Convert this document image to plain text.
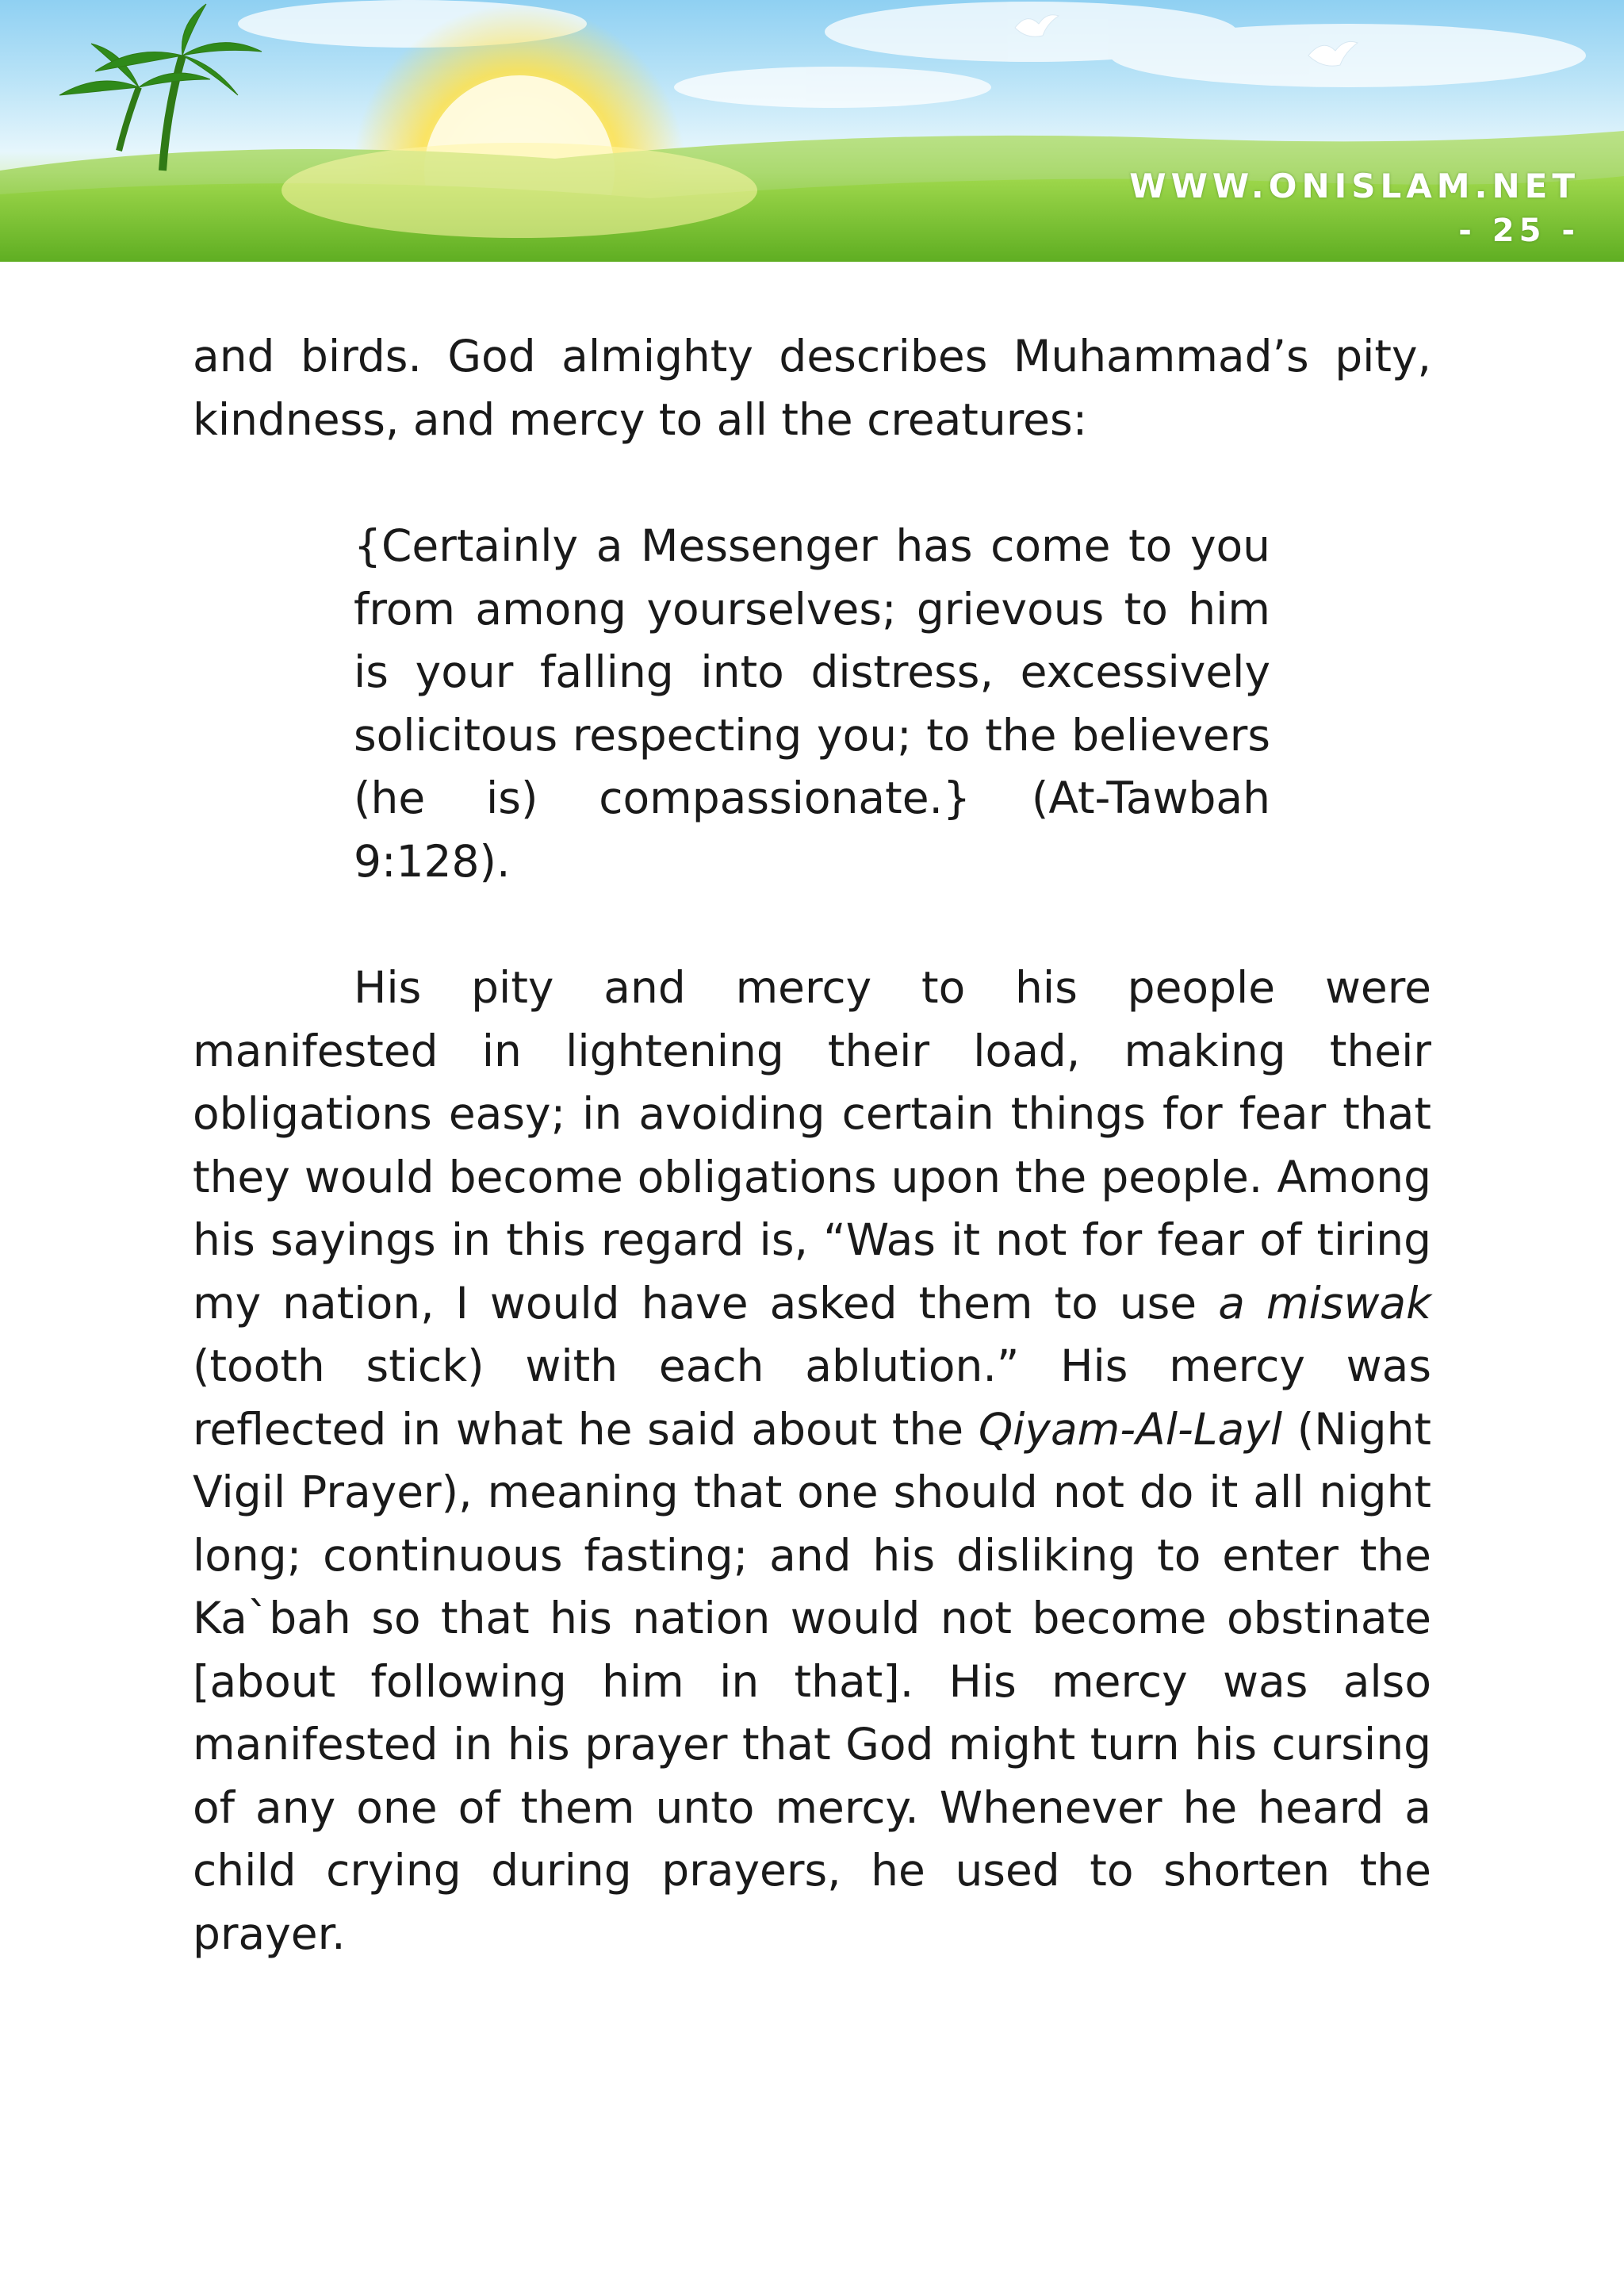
WWW.ONISLAM.NET
- 25 -

and birds. God almighty describes Muhammad’s pity, kindness, and mercy to all the creatures:

{Certainly a Messenger has come to you from among yourselves; grievous to him is your falling into distress, excessively solicitous respecting you; to the believers (he is) compassionate.} (At-Tawbah 9:128).

His pity and mercy to his people were manifested in lightening their load, making their obligations easy; in avoiding certain things for fear that they would become obligations upon the people. Among his sayings in this regard is, “Was it not for fear of tiring my nation, I would have asked them to use a miswak (tooth stick) with each ablution.” His mercy was reflected in what he said about the Qiyam-Al-Layl (Night Vigil Prayer), meaning that one should not do it all night long; continuous fasting; and his disliking to enter the Ka`bah so that his nation would not become obstinate [about following him in that]. His mercy was also manifested in his prayer that God might turn his cursing of any one of them unto mercy. Whenever he heard a child crying during prayers, he used to shorten the prayer.
